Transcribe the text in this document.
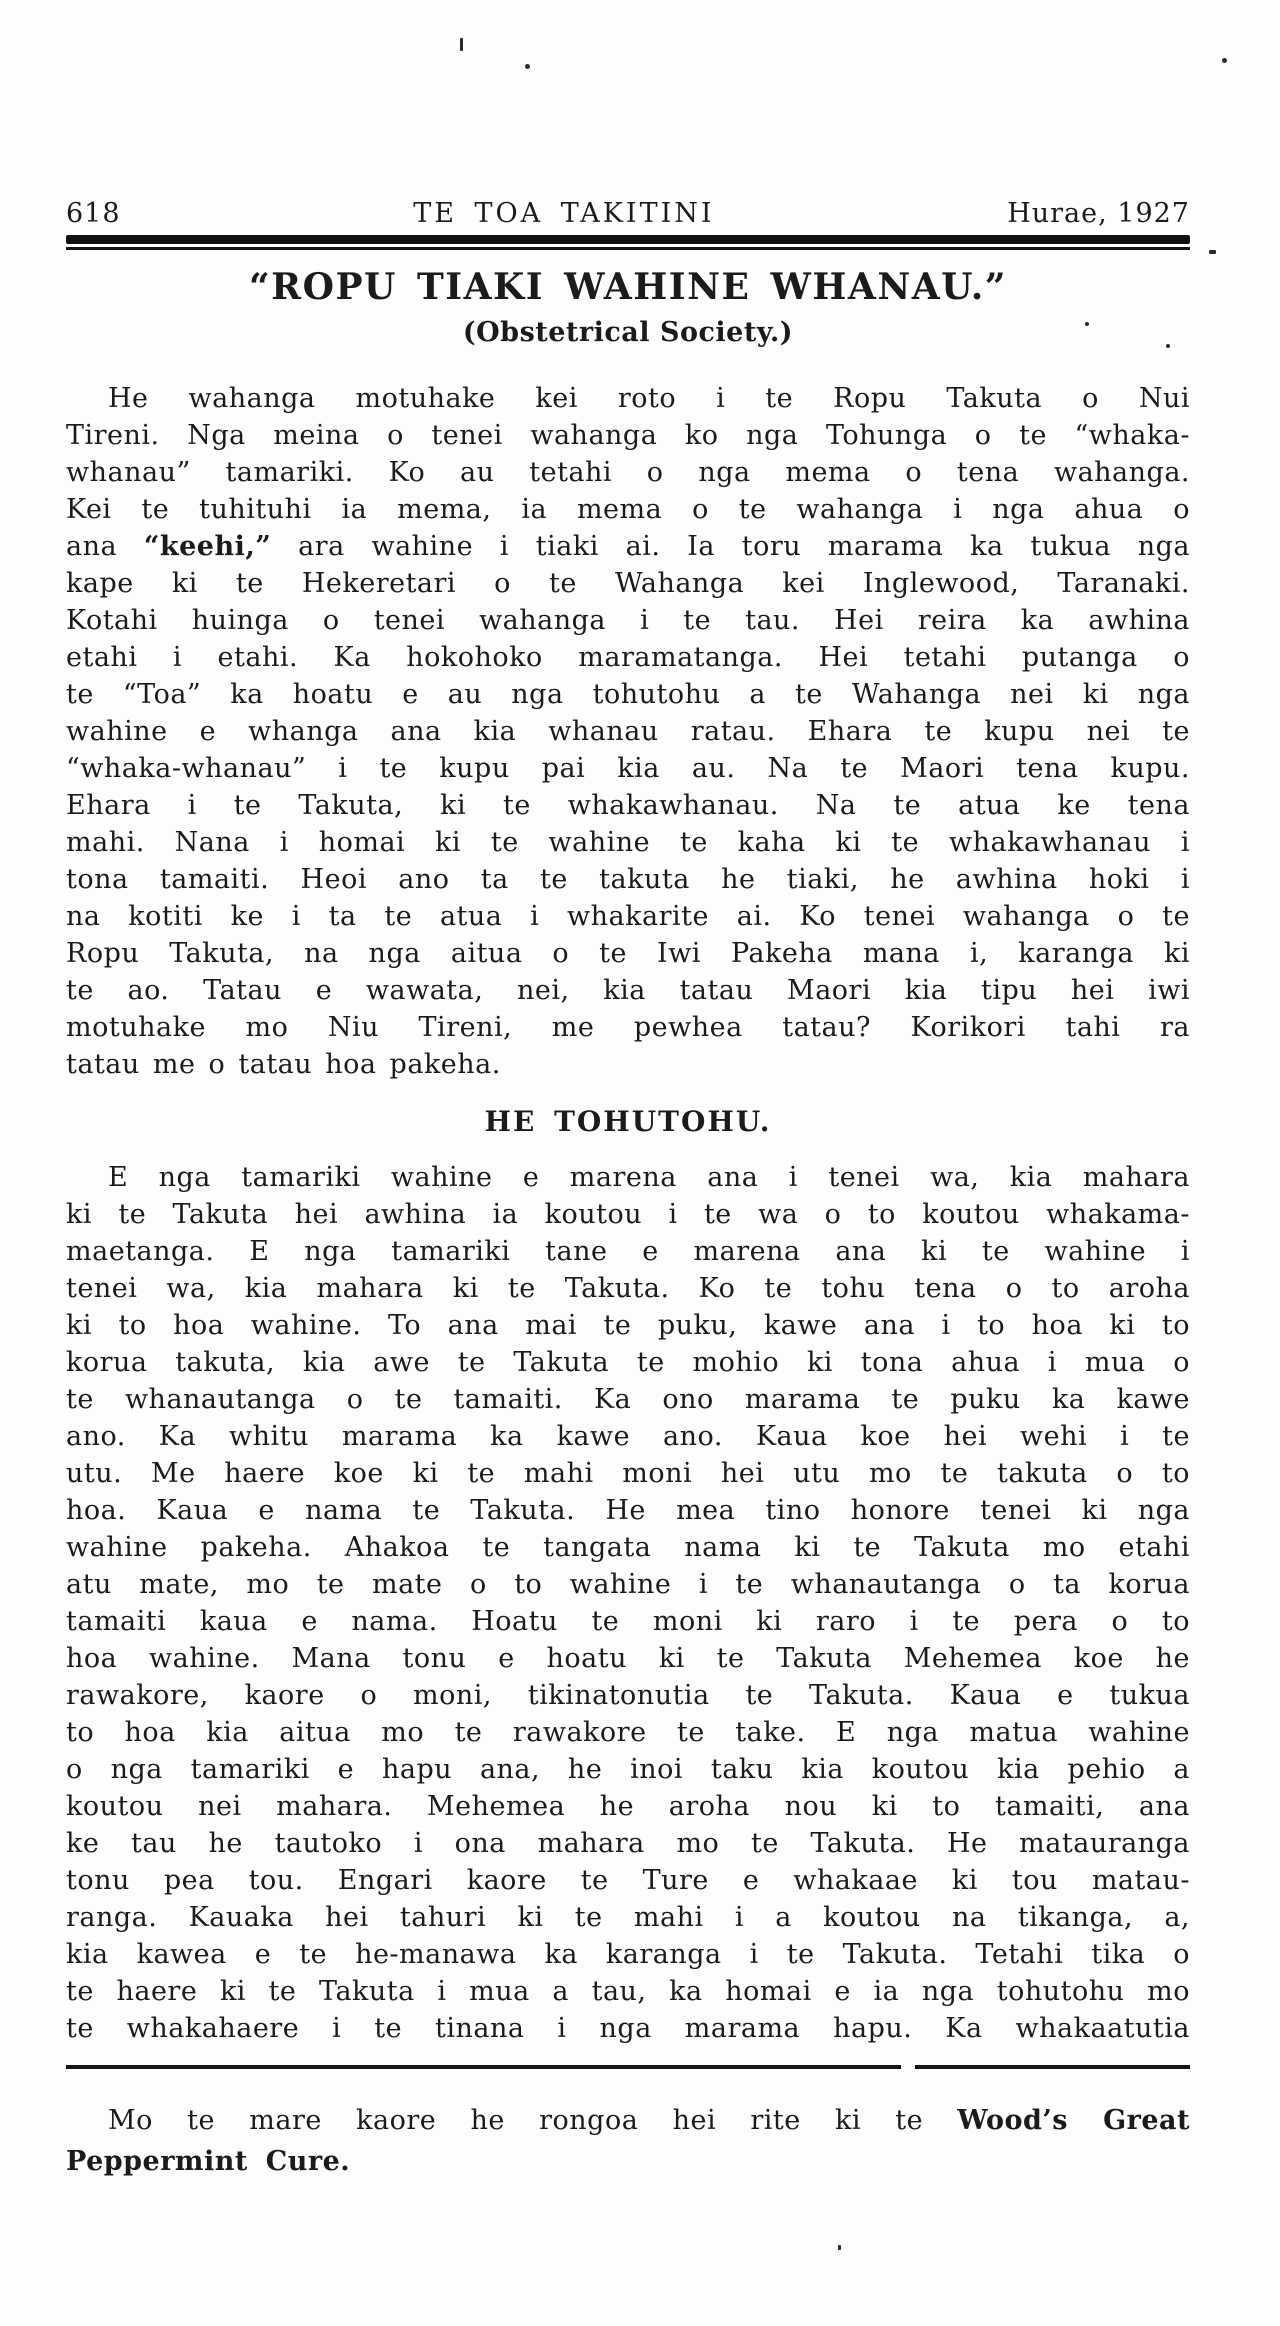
618	TE TOA TAKITINI	Hurae, 1927
“ROPU TIAKI WAHINE WHANAU.”
(Obstetrical Society.)
He wahanga motuhake kei roto i te Ropu Takuta o Nui
Tireni. Nga meina o tenei wahanga ko nga Tohunga o te “whaka-
whanau” tamariki. Ko au tetahi o nga mema o tena wahanga.
Kei te tuhituhi ia mema, ia mema o te wahanga i nga ahua o
ana “keehi,” ara wahine i tiaki ai. Ia toru marama ka tukua nga
kape ki te Hekeretari o te Wahanga kei Inglewood, Taranaki.
Kotahi huinga o tenei wahanga i te tau. Hei reira ka awhina
etahi i etahi. Ka hokohoko maramatanga. Hei tetahi putanga o
te “Toa” ka hoatu e au nga tohutohu a te Wahanga nei ki nga
wahine e whanga ana kia whanau ratau. Ehara te kupu nei te
“whaka-whanau” i te kupu pai kia au. Na te Maori tena kupu.
Ehara i te Takuta, ki te whakawhanau. Na te atua ke tena
mahi. Nana i homai ki te wahine te kaha ki te whakawhanau i
tona tamaiti. Heoi ano ta te takuta he tiaki, he awhina hoki i
na kotiti ke i ta te atua i whakarite ai. Ko tenei wahanga o te
Ropu Takuta, na nga aitua o te Iwi Pakeha mana i, karanga ki
te ao. Tatau e wawata, nei, kia tatau Maori kia tipu hei iwi
motuhake mo Niu Tireni, me pewhea tatau? Korikori tahi ra
tatau me o tatau hoa pakeha.
HE TOHUTOHU.
E nga tamariki wahine e marena ana i tenei wa, kia mahara
ki te Takuta hei awhina ia koutou i te wa o to koutou whakama-
maetanga. E nga tamariki tane e marena ana ki te wahine i
tenei wa, kia mahara ki te Takuta. Ko te tohu tena o to aroha
ki to hoa wahine. To ana mai te puku, kawe ana i to hoa ki to
korua takuta, kia awe te Takuta te mohio ki tona ahua i mua o
te whanautanga o te tamaiti. Ka ono marama te puku ka kawe
ano. Ka whitu marama ka kawe ano. Kaua koe hei wehi i te
utu. Me haere koe ki te mahi moni hei utu mo te takuta o to
hoa. Kaua e nama te Takuta. He mea tino honore tenei ki nga
wahine pakeha. Ahakoa te tangata nama ki te Takuta mo etahi
atu mate, mo te mate o to wahine i te whanautanga o ta korua
tamaiti kaua e nama. Hoatu te moni ki raro i te pera o to
hoa wahine. Mana tonu e hoatu ki te Takuta Mehemea koe he
rawakore, kaore o moni, tikinatonutia te Takuta. Kaua e tukua
to hoa kia aitua mo te rawakore te take. E nga matua wahine
o nga tamariki e hapu ana, he inoi taku kia koutou kia pehio a
koutou nei mahara. Mehemea he aroha nou ki to tamaiti, ana
ke tau he tautoko i ona mahara mo te Takuta. He matauranga
tonu pea tou. Engari kaore te Ture e whakaae ki tou matau-
ranga. Kauaka hei tahuri ki te mahi i a koutou na tikanga, a,
kia kawea e te he-manawa ka karanga i te Takuta. Tetahi tika o
te haere ki te Takuta i mua a tau, ka homai e ia nga tohutohu mo
te whakahaere i te tinana i nga marama hapu. Ka whakaatutia
Mo te mare kaore he rongoa hei rite ki te Wood’s Great
Peppermint Cure.
